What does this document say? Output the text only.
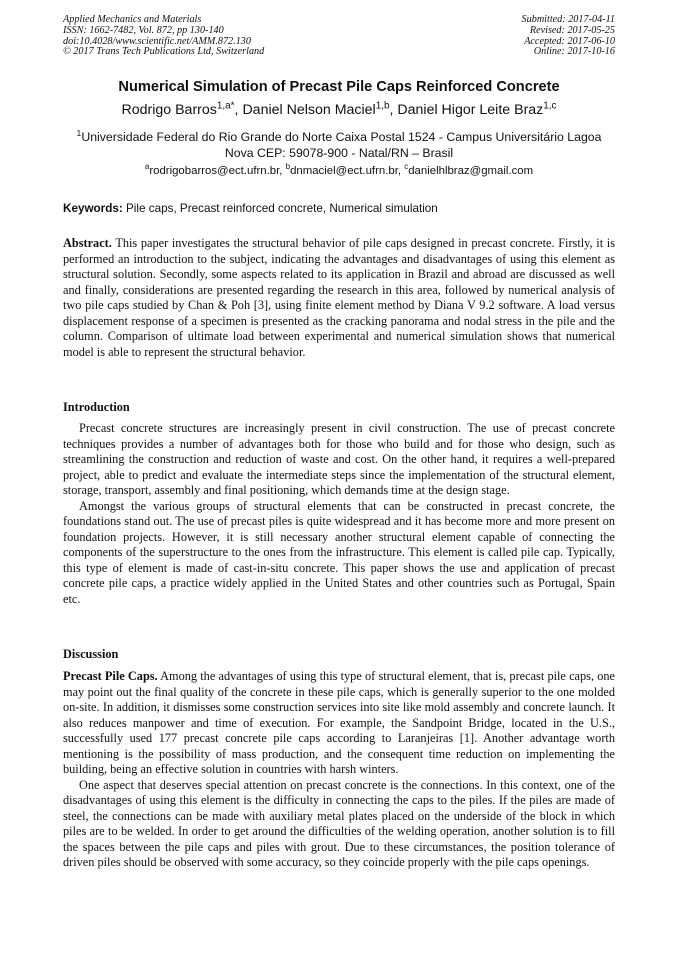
Applied Mechanics and Materials
ISSN: 1662-7482, Vol. 872, pp 130-140
doi:10.4028/www.scientific.net/AMM.872.130
© 2017 Trans Tech Publications Ltd, Switzerland
Submitted: 2017-04-11
Revised: 2017-05-25
Accepted: 2017-06-10
Online: 2017-10-16
Numerical Simulation of Precast Pile Caps Reinforced Concrete
Rodrigo Barros$^{1,a*}$, Daniel Nelson Maciel$^{1,b}$, Daniel Higor Leite Braz$^{1,c}$
$^1$Universidade Federal do Rio Grande do Norte Caixa Postal 1524 - Campus Universitário Lagoa
Nova CEP: 59078-900 - Natal/RN – Brasil
$^a$rodrigobarros@ect.ufrn.br, $^b$dnmaciel@ect.ufrn.br, $^c$danielhlbraz@gmail.com
Keywords: Pile caps, Precast reinforced concrete, Numerical simulation

Abstract. This paper investigates the structural behavior of pile caps designed in precast concrete. Firstly, it is performed an introduction to the subject, indicating the advantages and disadvantages of using this element as structural solution. Secondly, some aspects related to its application in Brazil and abroad are discussed as well and finally, considerations are presented regarding the research in this area, followed by numerical analysis of two pile caps studied by Chan & Poh [3], using finite element method by Diana V 9.2 software. A load versus displacement response of a specimen is presented as the cracking panorama and nodal stress in the pile and the column. Comparison of ultimate load between experimental and numerical simulation shows that numerical model is able to represent the structural behavior.

Introduction

Precast concrete structures are increasingly present in civil construction. The use of precast concrete techniques provides a number of advantages both for those who build and for those who design, such as streamlining the construction and reduction of waste and cost. On the other hand, it requires a well-prepared project, able to predict and evaluate the intermediate steps since the implementation of the structural element, storage, transport, assembly and final positioning, which demands time at the design stage.

Amongst the various groups of structural elements that can be constructed in precast concrete, the foundations stand out. The use of precast piles is quite widespread and it has become more and more present on foundation projects. However, it is still necessary another structural element capable of connecting the components of the superstructure to the ones from the infrastructure. This element is called pile cap. Typically, this type of element is made of cast-in-situ concrete. This paper shows the use and application of precast concrete pile caps, a practice widely applied in the United States and other countries such as Portugal, Spain etc.

Discussion

Precast Pile Caps. Among the advantages of using this type of structural element, that is, precast pile caps, one may point out the final quality of the concrete in these pile caps, which is generally superior to the one molded on-site. In addition, it dismisses some construction services into site like mold assembly and concrete launch. It also reduces manpower and time of execution. For example, the Sandpoint Bridge, located in the U.S., successfully used 177 precast concrete pile caps according to Laranjeiras [1]. Another advantage worth mentioning is the possibility of mass production, and the consequent time reduction on implementing the building, being an effective solution in countries with harsh winters.

One aspect that deserves special attention on precast concrete is the connections. In this context, one of the disadvantages of using this element is the difficulty in connecting the caps to the piles. If the piles are made of steel, the connections can be made with auxiliary metal plates placed on the underside of the block in which piles are to be welded. In order to get around the difficulties of the welding operation, another solution is to fill the spaces between the pile caps and piles with grout. Due to these circumstances, the position tolerance of driven piles should be observed with some accuracy, so they coincide properly with the pile caps openings.
